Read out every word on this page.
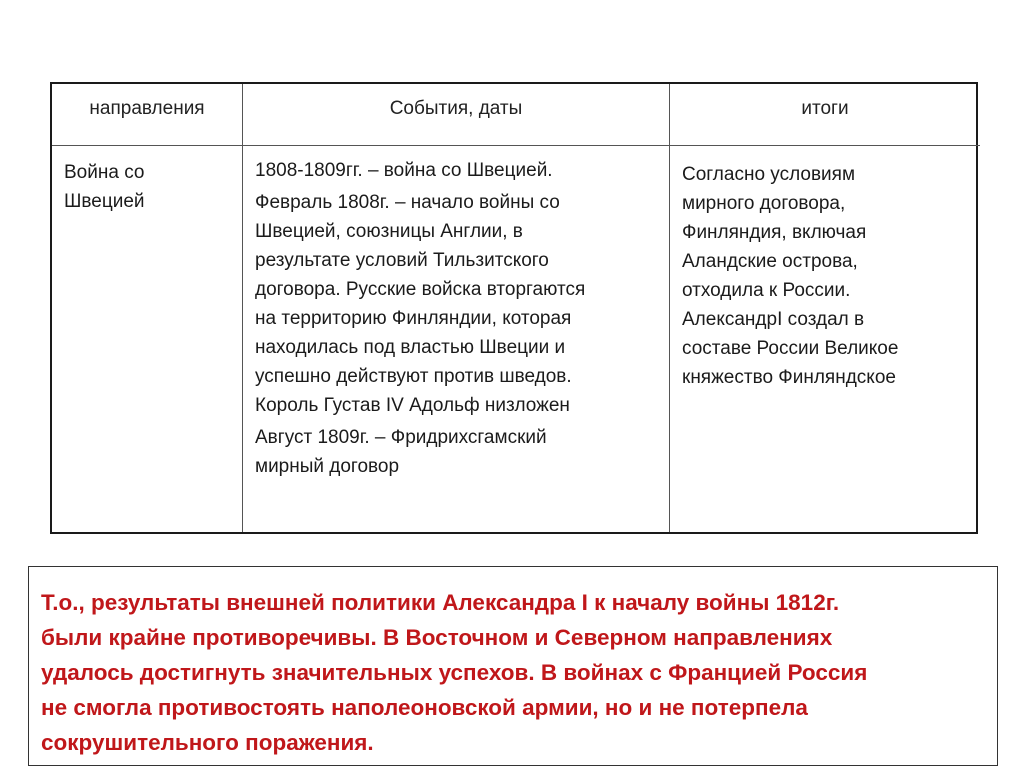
направления	События, даты	итоги

Война со

Швецией

1808-1809гг. – война со Швецией.

Февраль 1808г. – начало войны со
Швецией, союзницы Англии, в
результате условий Тильзитского
договора. Русские войска вторгаются
на территорию Финляндии, которая
находилась под властью Швеции и
успешно действуют против шведов.
Король Густав IV Адольф низложен

Август 1809г. – Фридрихсгамский
мирный договор

Согласно условиям

мирного договора,

Финляндия, включая

Аландские острова,

отходила к России.

АлександрI создал в

составе России Великое

княжество Финляндское

Т.о., результаты внешней политики Александра I к началу войны 1812г.

были крайне противоречивы. В Восточном и Северном направлениях

удалось достигнуть значительных успехов. В войнах с Францией Россия

не смогла противостоять наполеоновской армии, но и не потерпела

сокрушительного поражения.
